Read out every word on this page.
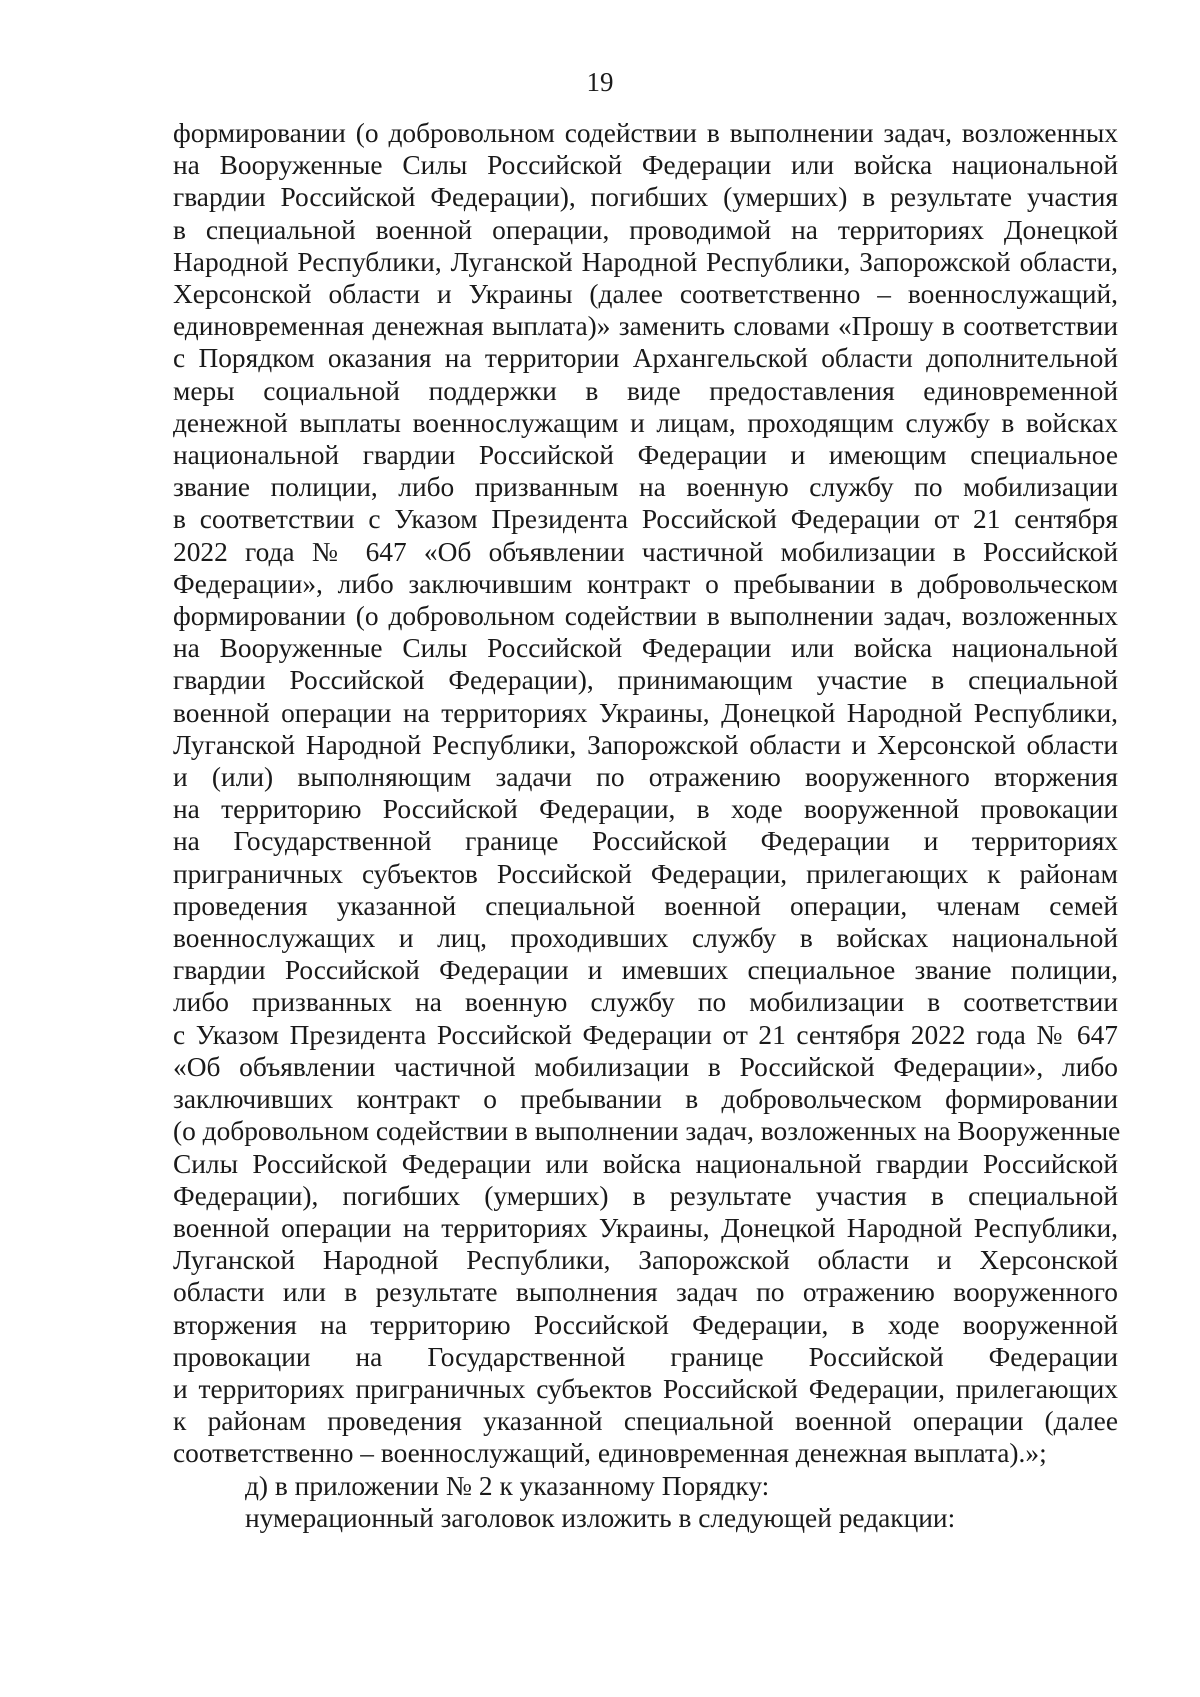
19
формировании (о добровольном содействии в выполнении задач, возложенных
на Вооруженные Силы Российской Федерации или войска национальной
гвардии Российской Федерации), погибших (умерших) в результате участия
в специальной военной операции, проводимой на территориях Донецкой
Народной Республики, Луганской Народной Республики, Запорожской области,
Херсонской области и Украины (далее соответственно – военнослужащий,
единовременная денежная выплата)» заменить словами «Прошу в соответствии
с Порядком оказания на территории Архангельской области дополнительной
меры социальной поддержки в виде предоставления единовременной
денежной выплаты военнослужащим и лицам, проходящим службу в войсках
национальной гвардии Российской Федерации и имеющим специальное
звание полиции, либо призванным на военную службу по мобилизации
в соответствии с Указом Президента Российской Федерации от 21 сентября
2022 года № 647 «Об объявлении частичной мобилизации в Российской
Федерации», либо заключившим контракт о пребывании в добровольческом
формировании (о добровольном содействии в выполнении задач, возложенных
на Вооруженные Силы Российской Федерации или войска национальной
гвардии Российской Федерации), принимающим участие в специальной
военной операции на территориях Украины, Донецкой Народной Республики,
Луганской Народной Республики, Запорожской области и Херсонской области
и (или) выполняющим задачи по отражению вооруженного вторжения
на территорию Российской Федерации, в ходе вооруженной провокации
на Государственной границе Российской Федерации и территориях
приграничных субъектов Российской Федерации, прилегающих к районам
проведения указанной специальной военной операции, членам семей
военнослужащих и лиц, проходивших службу в войсках национальной
гвардии Российской Федерации и имевших специальное звание полиции,
либо призванных на военную службу по мобилизации в соответствии
с Указом Президента Российской Федерации от 21 сентября 2022 года № 647
«Об объявлении частичной мобилизации в Российской Федерации», либо
заключивших контракт о пребывании в добровольческом формировании
(о добровольном содействии в выполнении задач, возложенных на Вооруженные
Силы Российской Федерации или войска национальной гвардии Российской
Федерации), погибших (умерших) в результате участия в специальной
военной операции на территориях Украины, Донецкой Народной Республики,
Луганской Народной Республики, Запорожской области и Херсонской
области или в результате выполнения задач по отражению вооруженного
вторжения на территорию Российской Федерации, в ходе вооруженной
провокации на Государственной границе Российской Федерации
и территориях приграничных субъектов Российской Федерации, прилегающих
к районам проведения указанной специальной военной операции (далее
соответственно – военнослужащий, единовременная денежная выплата).»;

д) в приложении № 2 к указанному Порядку:

нумерационный заголовок изложить в следующей редакции:
